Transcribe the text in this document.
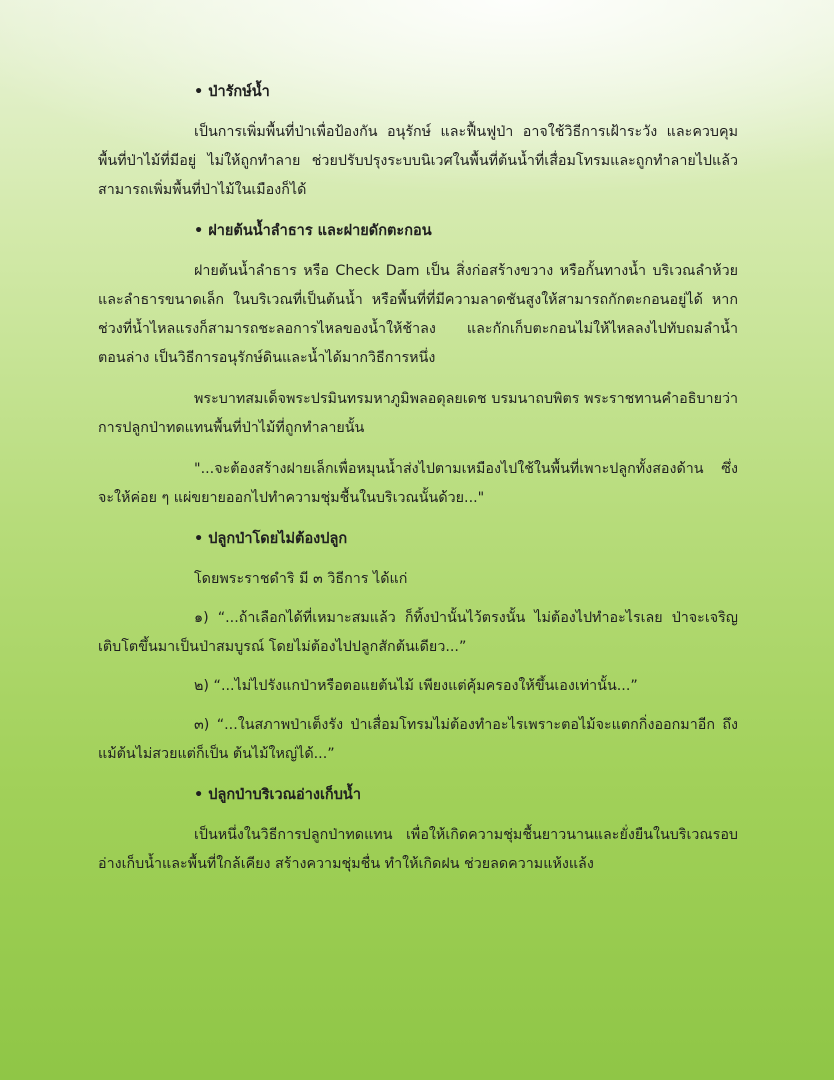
• ป่ารักษ์น้ำ

เป็นการเพิ่มพื้นที่ป่าเพื่อป้องกัน อนุรักษ์ และฟื้นฟูป่า อาจใช้วิธีการเฝ้าระวัง และควบคุมพื้นที่ป่าไม้ที่มีอยู่ ไม่ให้ถูกทำลาย ช่วยปรับปรุงระบบนิเวศในพื้นที่ต้นน้ำที่เสื่อมโทรมและถูกทำลายไปแล้ว สามารถเพิ่มพื้นที่ป่าไม้ในเมืองก็ได้

• ฝายต้นน้ำลำธาร และฝายดักตะกอน

ฝายต้นน้ำลำธาร หรือ Check Dam เป็น สิ่งก่อสร้างขวาง หรือกั้นทางน้ำ บริเวณลำห้วยและลำธารขนาดเล็ก ในบริเวณที่เป็นต้นน้ำ หรือพื้นที่ที่มีความลาดชันสูงให้สามารถกักตะกอนอยู่ได้ หากช่วงที่น้ำไหลแรงก็สามารถชะลอการไหลของน้ำให้ช้าลง และกักเก็บตะกอนไม่ให้ไหลลงไปทับถมลำน้ำตอนล่าง เป็นวิธีการอนุรักษ์ดินและน้ำได้มากวิธีการหนึ่ง

พระบาทสมเด็จพระปรมินทรมหาภูมิพลอดุลยเดช บรมนาถบพิตร พระราชทานคำอธิบายว่า การปลูกป่าทดแทนพื้นที่ป่าไม้ที่ถูกทำลายนั้น

"...จะต้องสร้างฝายเล็กเพื่อหมุนน้ำส่งไปตามเหมืองไปใช้ในพื้นที่เพาะปลูกทั้งสองด้าน ซึ่งจะให้ค่อย ๆ แผ่ขยายออกไปทำความชุ่มชื้นในบริเวณนั้นด้วย..."

• ปลูกป่าโดยไม่ต้องปลูก

โดยพระราชดำริ มี ๓ วิธีการ ได้แก่

๑) “...ถ้าเลือกได้ที่เหมาะสมแล้ว ก็ทิ้งป่านั้นไว้ตรงนั้น ไม่ต้องไปทำอะไรเลย ป่าจะเจริญเติบโตขึ้นมาเป็นป่าสมบูรณ์ โดยไม่ต้องไปปลูกสักต้นเดียว...”

๒) “...ไม่ไปรังแกป่าหรือตอแยต้นไม้ เพียงแต่คุ้มครองให้ขึ้นเองเท่านั้น...”

๓) “...ในสภาพป่าเต็งรัง ป่าเสื่อมโทรมไม่ต้องทำอะไรเพราะตอไม้จะแตกกิ่งออกมาอีก ถึงแม้ต้นไม่สวยแต่ก็เป็น ต้นไม้ใหญ่ได้...”

• ปลูกป่าบริเวณอ่างเก็บน้ำ

เป็นหนึ่งในวิธีการปลูกป่าทดแทน เพื่อให้เกิดความชุ่มชื้นยาวนานและยั่งยืนในบริเวณรอบอ่างเก็บน้ำและพื้นที่ใกล้เคียง สร้างความชุ่มชื่น ทำให้เกิดฝน ช่วยลดความแห้งแล้ง
